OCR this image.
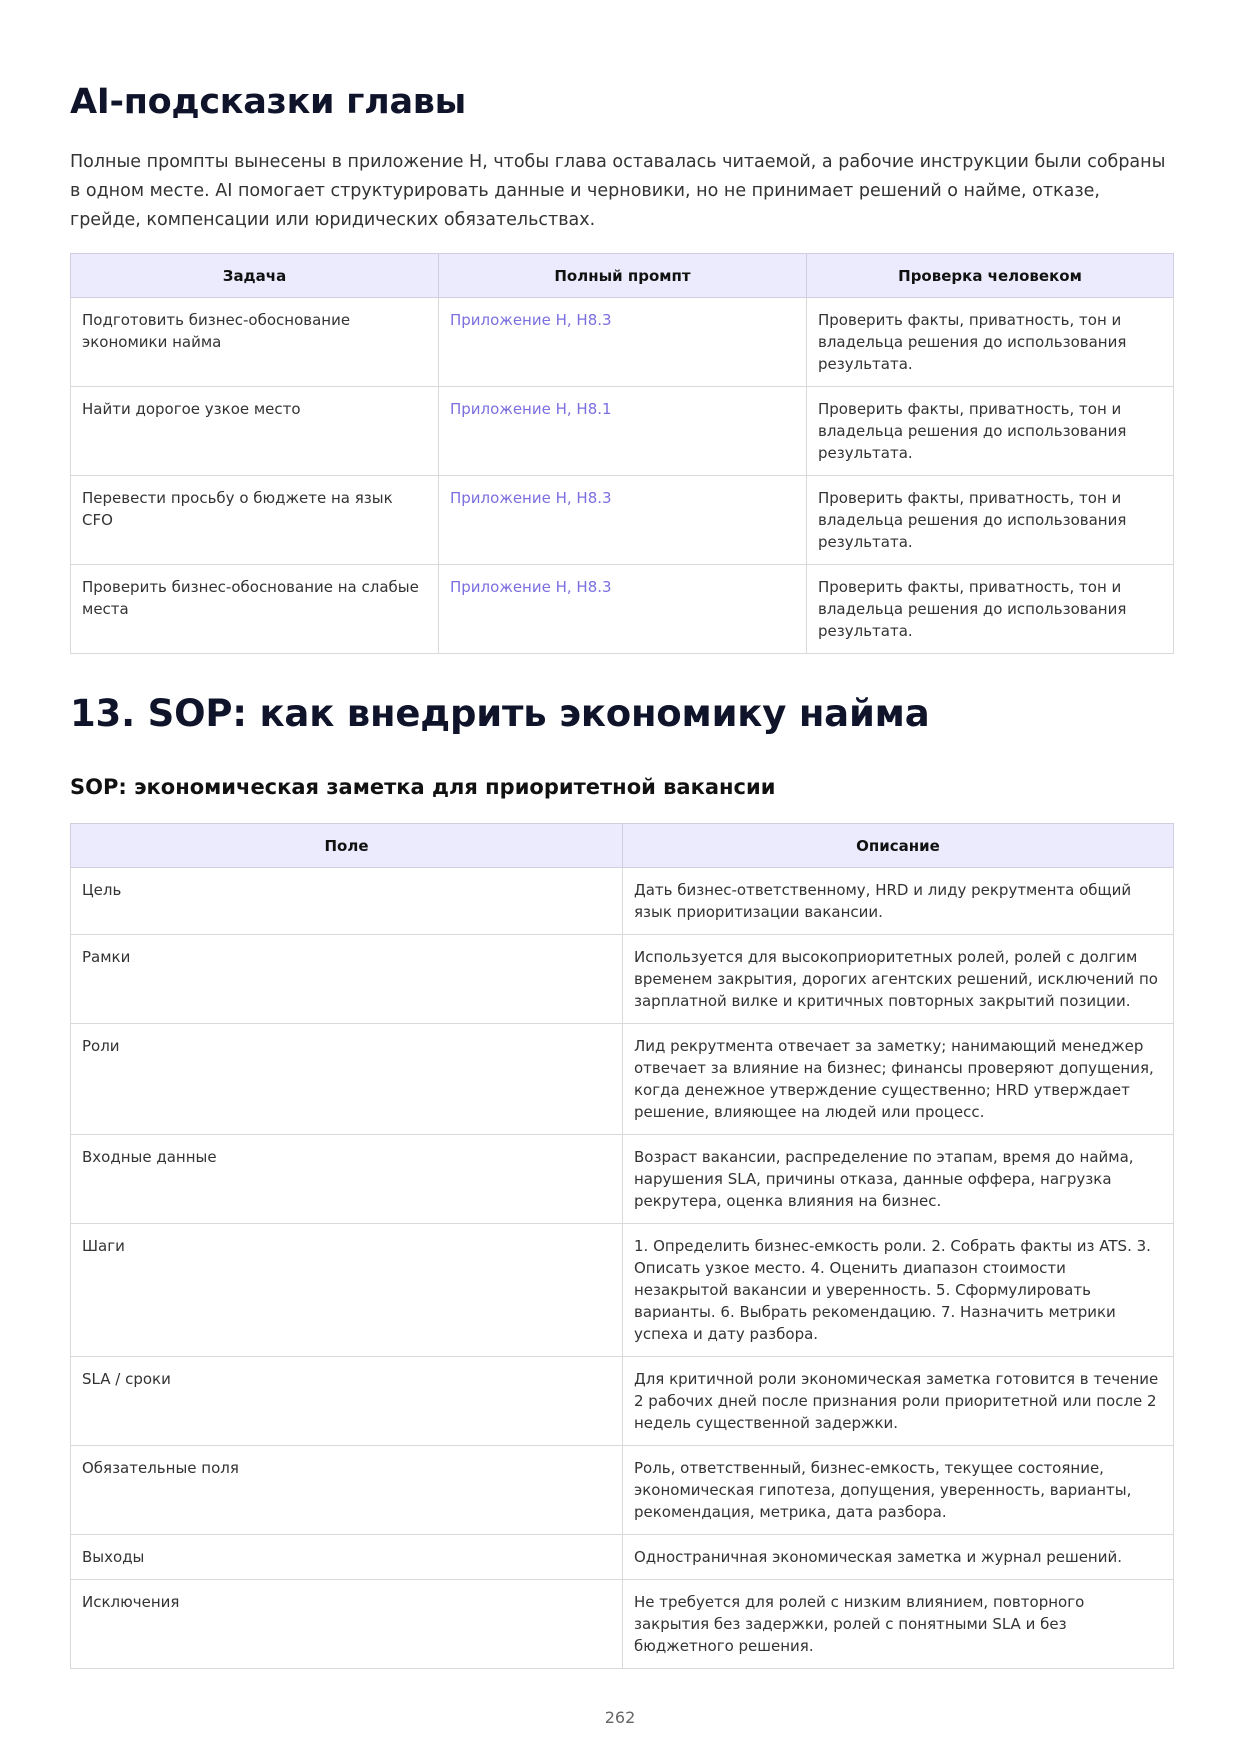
AI-подсказки главы

Полные промпты вынесены в приложение H, чтобы глава оставалась читаемой, а рабочие инструкции были собраны в одном месте. AI помогает структурировать данные и черновики, но не принимает решений о найме, отказе, грейде, компенсации или юридических обязательствах.

Задача	Полный промпт	Проверка человеком
Подготовить бизнес-обоснование экономики найма	Приложение H, H8.3	Проверить факты, приватность, тон и владельца решения до использования результата.
Найти дорогое узкое место	Приложение H, H8.1	Проверить факты, приватность, тон и владельца решения до использования результата.
Перевести просьбу о бюджете на язык CFO	Приложение H, H8.3	Проверить факты, приватность, тон и владельца решения до использования результата.
Проверить бизнес-обоснование на слабые места	Приложение H, H8.3	Проверить факты, приватность, тон и владельца решения до использования результата.
13. SOP: как внедрить экономику найма
SOP: экономическая заметка для приоритетной вакансии
Поле	Описание
Цель	Дать бизнес-ответственному, HRD и лиду рекрутмента общий язык приоритизации вакансии.
Рамки	Используется для высокоприоритетных ролей, ролей с долгим временем закрытия, дорогих агентских решений, исключений по зарплатной вилке и критичных повторных закрытий позиции.
Роли	Лид рекрутмента отвечает за заметку; нанимающий менеджер отвечает за влияние на бизнес; финансы проверяют допущения, когда денежное утверждение существенно; HRD утверждает решение, влияющее на людей или процесс.
Входные данные	Возраст вакансии, распределение по этапам, время до найма, нарушения SLA, причины отказа, данные оффера, нагрузка рекрутера, оценка влияния на бизнес.
Шаги	1. Определить бизнес-емкость роли. 2. Собрать факты из ATS. 3. Описать узкое место. 4. Оценить диапазон стоимости незакрытой вакансии и уверенность. 5. Сформулировать варианты. 6. Выбрать рекомендацию. 7. Назначить метрики успеха и дату разбора.
SLA / сроки	Для критичной роли экономическая заметка готовится в течение 2 рабочих дней после признания роли приоритетной или после 2 недель существенной задержки.
Обязательные поля	Роль, ответственный, бизнес-емкость, текущее состояние, экономическая гипотеза, допущения, уверенность, варианты, рекомендация, метрика, дата разбора.
Выходы	Одностраничная экономическая заметка и журнал решений.
Исключения	Не требуется для ролей с низким влиянием, повторного закрытия без задержки, ролей с понятными SLA и без бюджетного решения.
262
